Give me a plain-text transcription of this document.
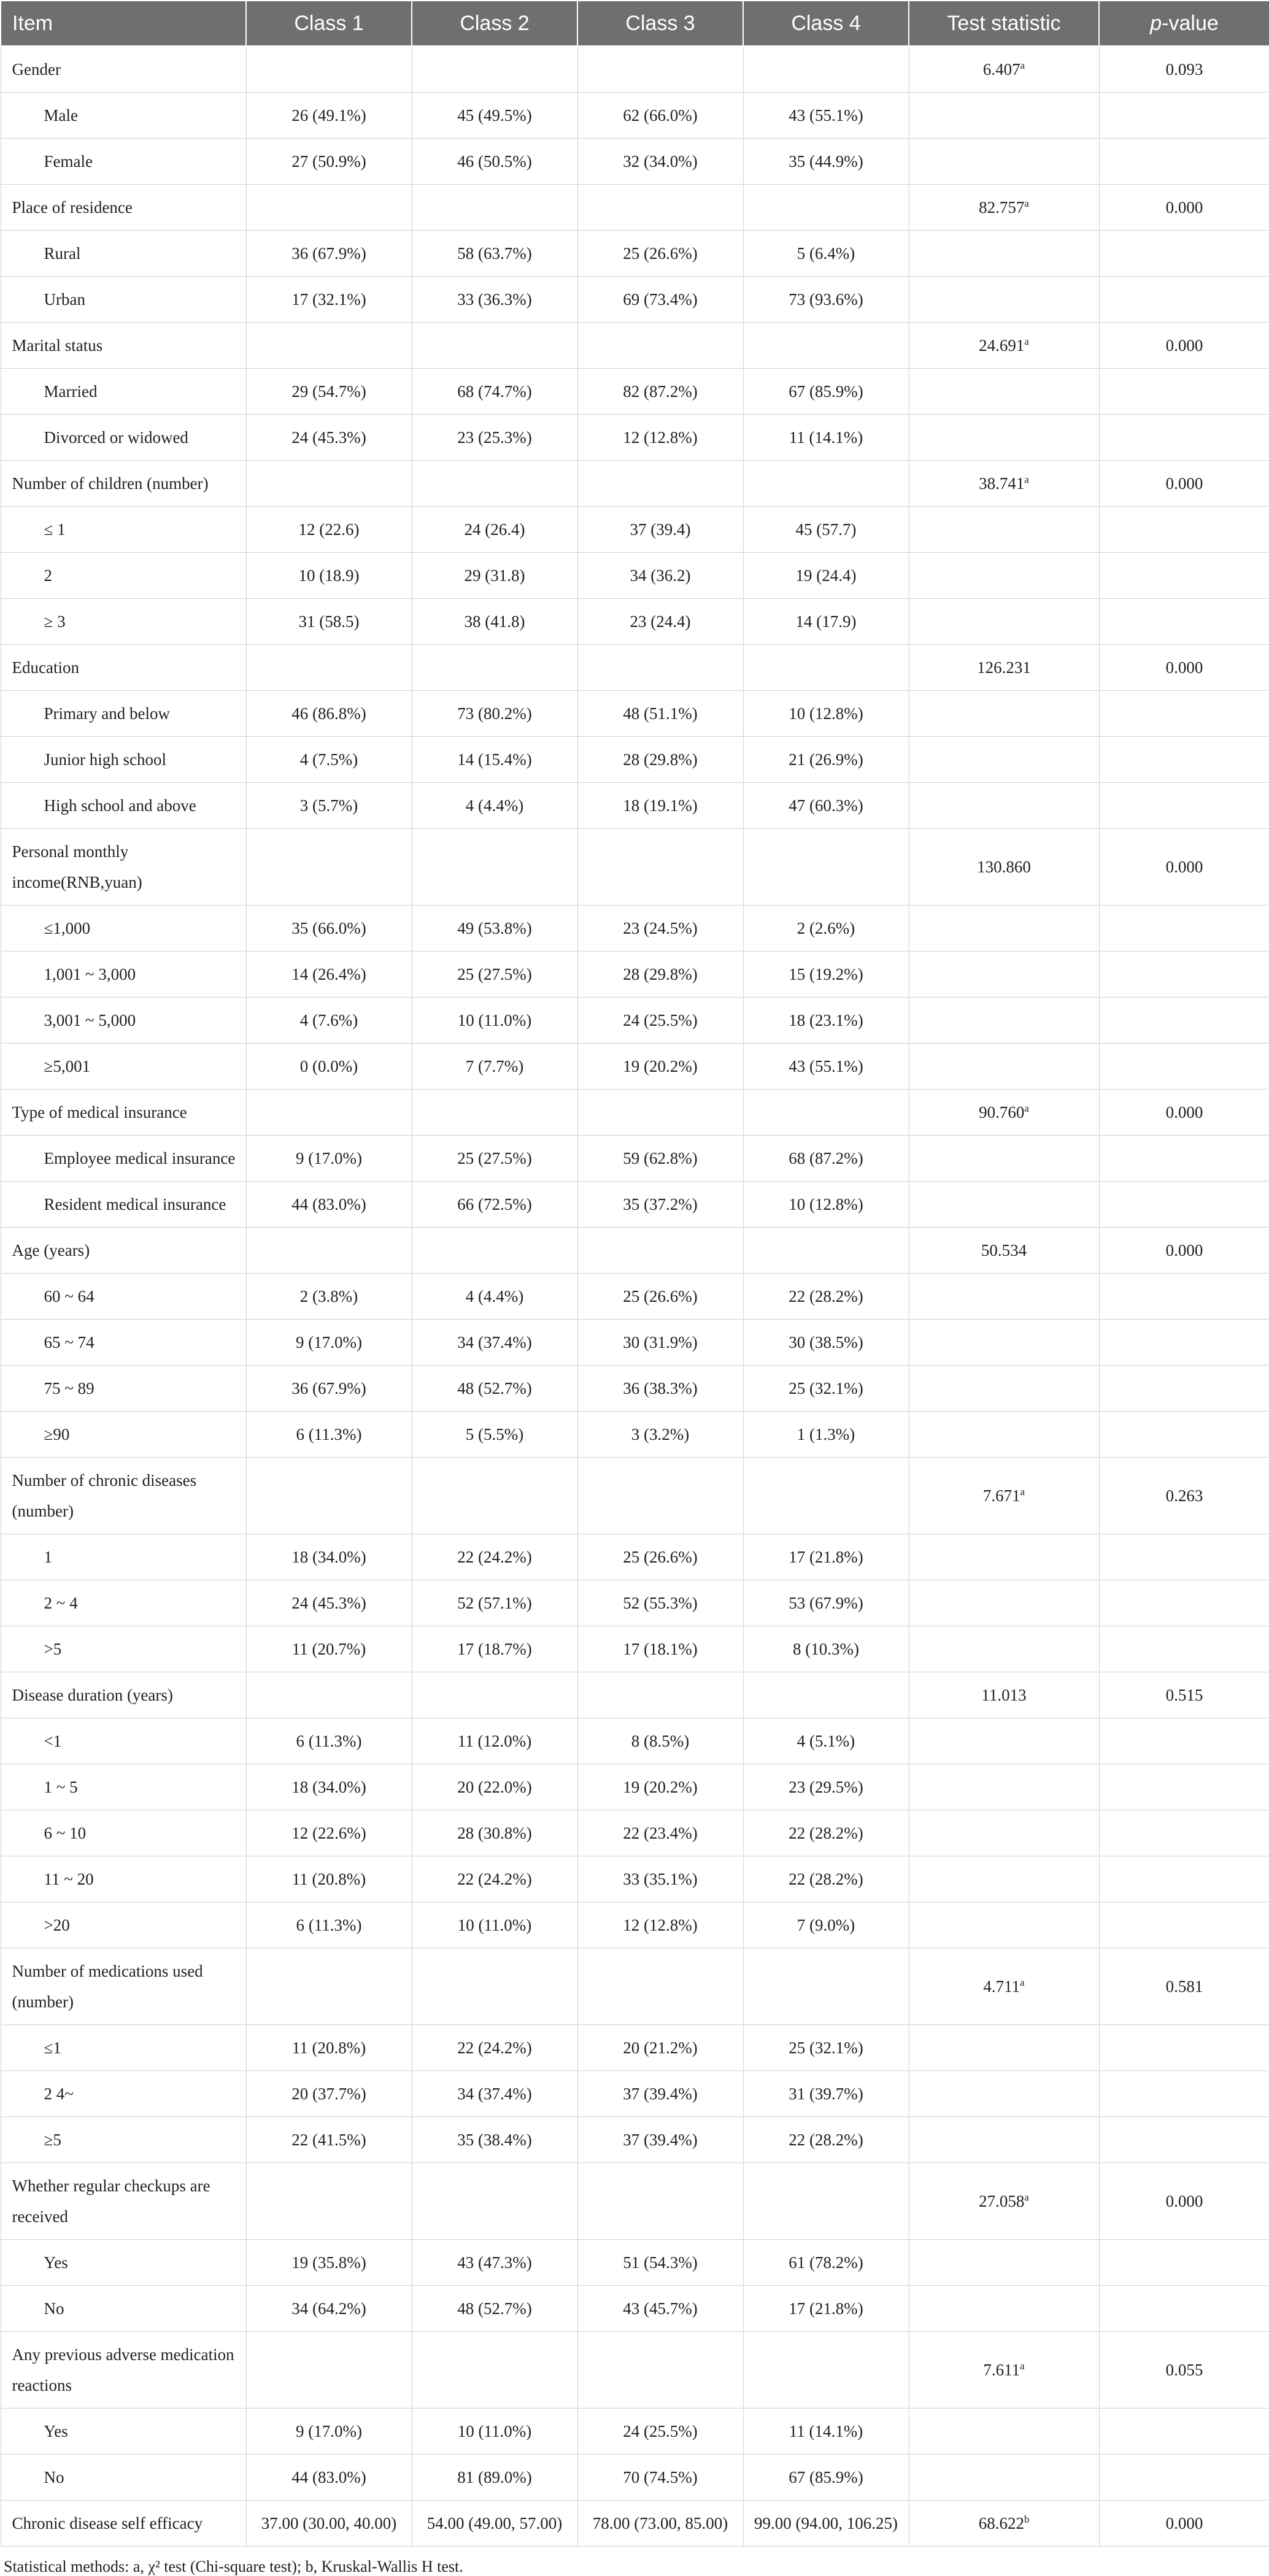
Item	Class 1	Class 2	Class 3	Class 4	Test statistic	p-value
Gender					6.407$^a$	0.093
Male	26 (49.1%)	45 (49.5%)	62 (66.0%)	43 (55.1%)		
Female	27 (50.9%)	46 (50.5%)	32 (34.0%)	35 (44.9%)		
Place of residence					82.757$^a$	0.000
Rural	36 (67.9%)	58 (63.7%)	25 (26.6%)	5 (6.4%)		
Urban	17 (32.1%)	33 (36.3%)	69 (73.4%)	73 (93.6%)		
Marital status					24.691$^a$	0.000
Married	29 (54.7%)	68 (74.7%)	82 (87.2%)	67 (85.9%)		
Divorced or widowed	24 (45.3%)	23 (25.3%)	12 (12.8%)	11 (14.1%)		
Number of children (number)					38.741$^a$	0.000
≤ 1	12 (22.6)	24 (26.4)	37 (39.4)	45 (57.7)		
2	10 (18.9)	29 (31.8)	34 (36.2)	19 (24.4)		
≥ 3	31 (58.5)	38 (41.8)	23 (24.4)	14 (17.9)		
Education					126.231	0.000
Primary and below	46 (86.8%)	73 (80.2%)	48 (51.1%)	10 (12.8%)		
Junior high school	4 (7.5%)	14 (15.4%)	28 (29.8%)	21 (26.9%)		
High school and above	3 (5.7%)	4 (4.4%)	18 (19.1%)	47 (60.3%)		
Personal monthly income(RNB,yuan)					130.860	0.000
≤1,000	35 (66.0%)	49 (53.8%)	23 (24.5%)	2 (2.6%)		
1,001 ~ 3,000	14 (26.4%)	25 (27.5%)	28 (29.8%)	15 (19.2%)		
3,001 ~ 5,000	4 (7.6%)	10 (11.0%)	24 (25.5%)	18 (23.1%)		
≥5,001	0 (0.0%)	7 (7.7%)	19 (20.2%)	43 (55.1%)		
Type of medical insurance					90.760$^a$	0.000
Employee medical insurance	9 (17.0%)	25 (27.5%)	59 (62.8%)	68 (87.2%)		
Resident medical insurance	44 (83.0%)	66 (72.5%)	35 (37.2%)	10 (12.8%)		
Age (years)					50.534	0.000
60 ~ 64	2 (3.8%)	4 (4.4%)	25 (26.6%)	22 (28.2%)		
65 ~ 74	9 (17.0%)	34 (37.4%)	30 (31.9%)	30 (38.5%)		
75 ~ 89	36 (67.9%)	48 (52.7%)	36 (38.3%)	25 (32.1%)		
≥90	6 (11.3%)	5 (5.5%)	3 (3.2%)	1 (1.3%)		
Number of chronic diseases (number)					7.671$^a$	0.263
1	18 (34.0%)	22 (24.2%)	25 (26.6%)	17 (21.8%)		
2 ~ 4	24 (45.3%)	52 (57.1%)	52 (55.3%)	53 (67.9%)		
>5	11 (20.7%)	17 (18.7%)	17 (18.1%)	8 (10.3%)		
Disease duration (years)					11.013	0.515
<1	6 (11.3%)	11 (12.0%)	8 (8.5%)	4 (5.1%)		
1 ~ 5	18 (34.0%)	20 (22.0%)	19 (20.2%)	23 (29.5%)		
6 ~ 10	12 (22.6%)	28 (30.8%)	22 (23.4%)	22 (28.2%)		
11 ~ 20	11 (20.8%)	22 (24.2%)	33 (35.1%)	22 (28.2%)		
>20	6 (11.3%)	10 (11.0%)	12 (12.8%)	7 (9.0%)		
Number of medications used (number)					4.711$^a$	0.581
≤1	11 (20.8%)	22 (24.2%)	20 (21.2%)	25 (32.1%)		
2 4~	20 (37.7%)	34 (37.4%)	37 (39.4%)	31 (39.7%)		
≥5	22 (41.5%)	35 (38.4%)	37 (39.4%)	22 (28.2%)		
Whether regular checkups are received					27.058$^a$	0.000
Yes	19 (35.8%)	43 (47.3%)	51 (54.3%)	61 (78.2%)		
No	34 (64.2%)	48 (52.7%)	43 (45.7%)	17 (21.8%)		
Any previous adverse medication reactions					7.611$^a$	0.055
Yes	9 (17.0%)	10 (11.0%)	24 (25.5%)	11 (14.1%)		
No	44 (83.0%)	81 (89.0%)	70 (74.5%)	67 (85.9%)		
Chronic disease self efficacy	37.00 (30.00, 40.00)	54.00 (49.00, 57.00)	78.00 (73.00, 85.00)	99.00 (94.00, 106.25)	68.622$^b$	0.000
Statistical methods: a, χ² test (Chi-square test); b, Kruskal-Wallis H test.
